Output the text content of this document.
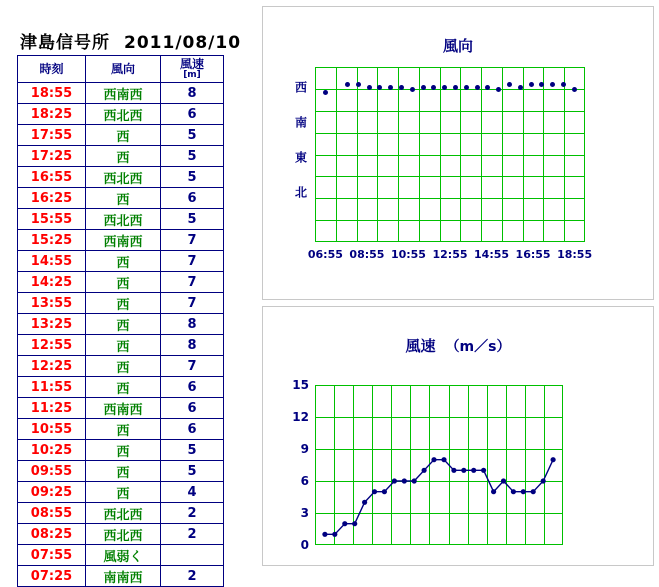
津島信号所 2011/08/10
時刻	風向	風速
[m]

18:55	西南西	8
18:25	西北西	6
17:55	西	5
17:25	西	5
16:55	西北西	5
16:25	西	6
15:55	西北西	5
15:25	西南西	7
14:55	西	7
14:25	西	7
13:55	西	7
13:25	西	8
12:55	西	8
12:25	西	7
11:55	西	6
11:25	西南西	6
10:55	西	6
10:25	西	5
09:55	西	5
09:25	西	4
08:55	西北西	2
08:25	西北西	2
07:55	風弱く	
07:25	南南西	2
風向
西
南
東
北
06:55 08:55 10:55 12:55 14:55 16:55 18:55
風速 （m／s）
0
3
6
9
12
15
